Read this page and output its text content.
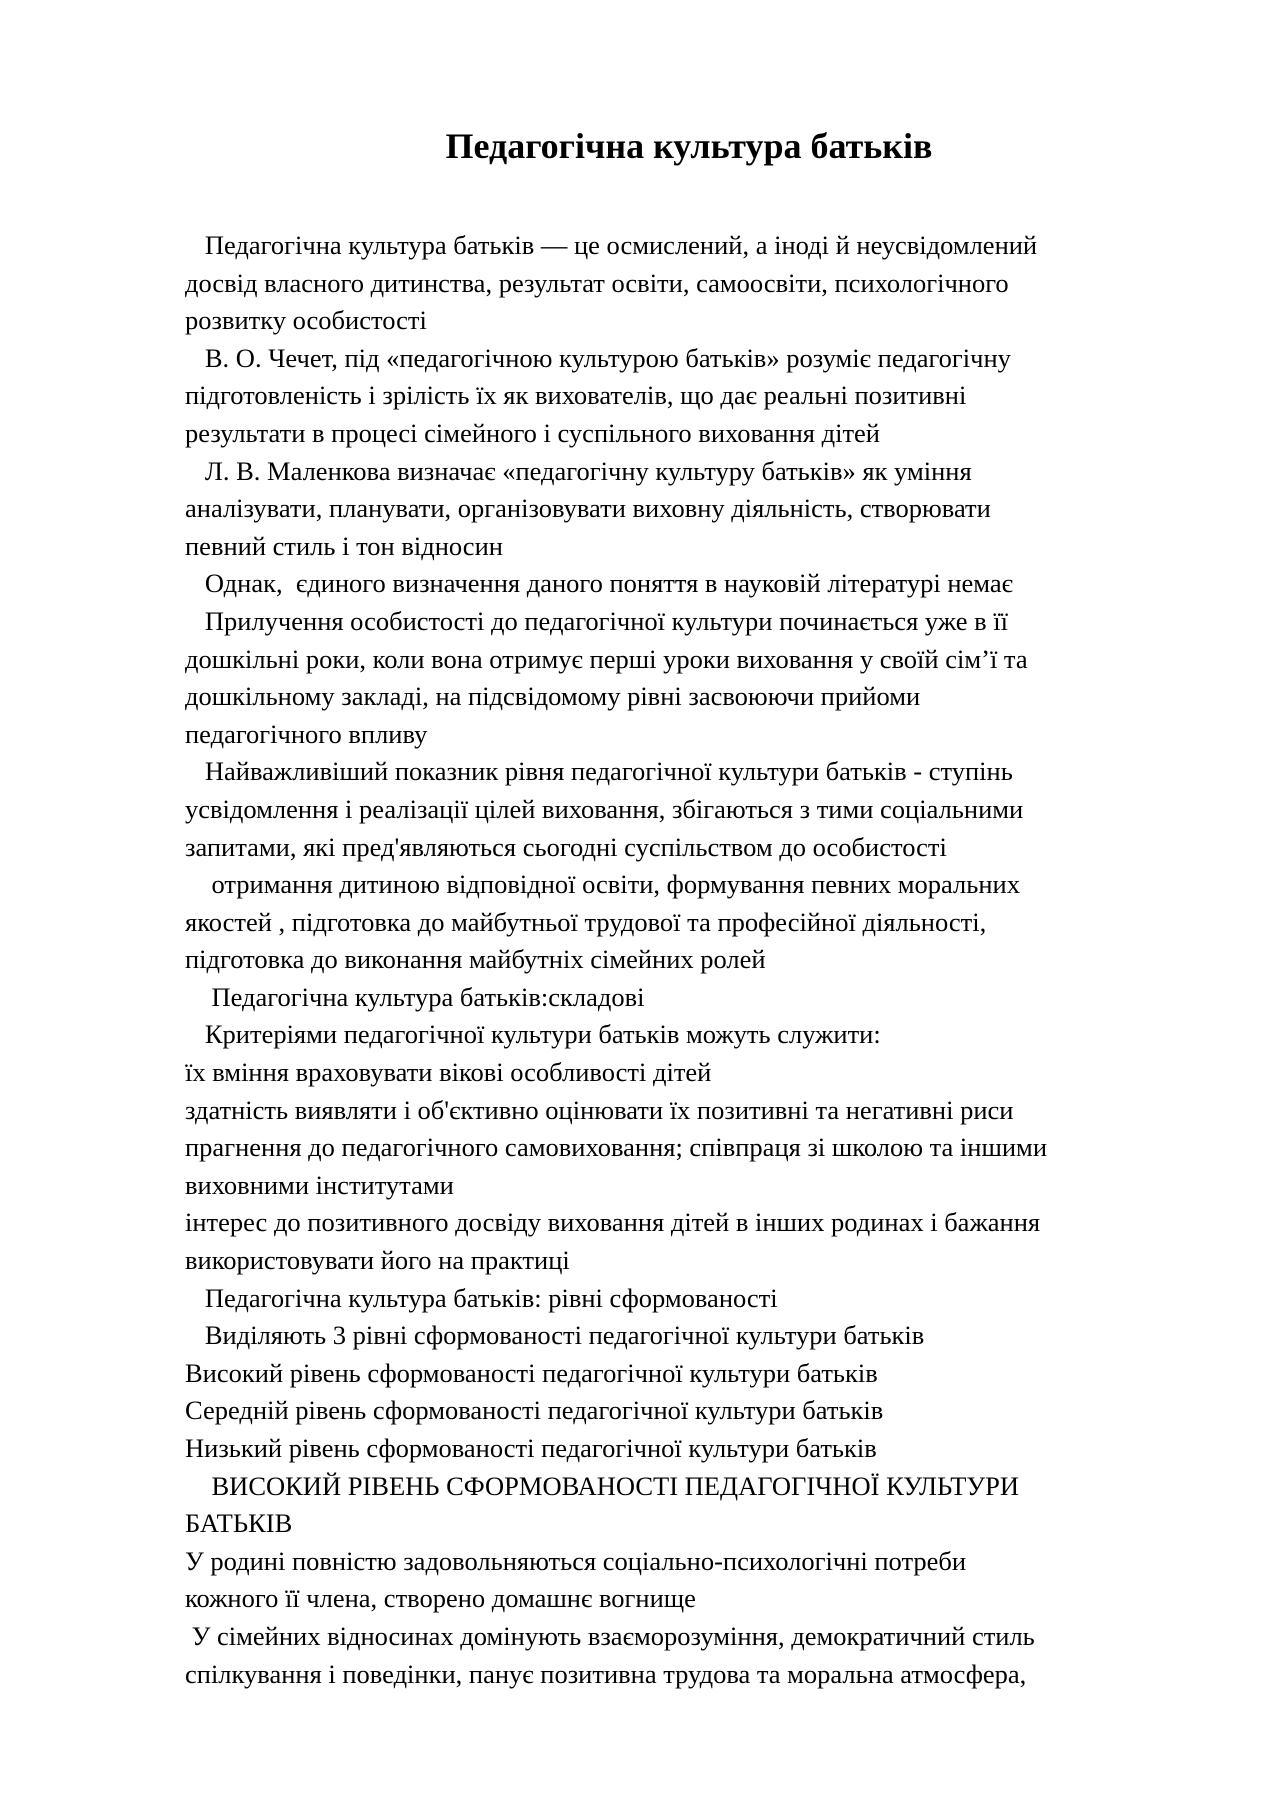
Педагогічна культура батьків
Педагогічна культура батьків — це осмислений, а іноді й неусвідомлений
досвід власного дитинства, результат освіти, самоосвіти, психологічного
розвитку особистості
В. О. Чечет, під «педагогічною культурою батьків» розуміє педагогічну
підготовленість і зрілість їх як вихователів, що дає реальні позитивні
результати в процесі сімейного і суспільного виховання дітей
Л. В. Маленкова визначає «педагогічну культуру батьків» як уміння
аналізувати, планувати, організовувати виховну діяльність, створювати
певний стиль і тон відносин
Однак,  єдиного визначення даного поняття в науковій літературі немає
Прилучення особистості до педагогічної культури починається уже в її
дошкільні роки, коли вона отримує перші уроки виховання у своїй сім’ї та
дошкільному закладі, на підсвідомому рівні засвоюючи прийоми
педагогічного впливу
Найважливіший показник рівня педагогічної культури батьків - ступінь
усвідомлення і реалізації цілей виховання, збігаються з тими соціальними
запитами, які пред'являються сьогодні суспільством до особистості
отримання дитиною відповідної освіти, формування певних моральних
якостей , підготовка до майбутньої трудової та професійної діяльності,
підготовка до виконання майбутніх сімейних ролей
Педагогічна культура батьків:складові
Критеріями педагогічної культури батьків можуть служити:
їх вміння враховувати вікові особливості дітей
здатність виявляти і об'єктивно оцінювати їх позитивні та негативні риси
прагнення до педагогічного самовиховання; співпраця зі школою та іншими
виховними інститутами
інтерес до позитивного досвіду виховання дітей в інших родинах і бажання
використовувати його на практиці
Педагогічна культура батьків: рівні сформованості
Виділяють 3 рівні сформованості педагогічної культури батьків
Високий рівень сформованості педагогічної культури батьків
Середній рівень сформованості педагогічної культури батьків
Низький рівень сформованості педагогічної культури батьків
ВИСОКИЙ РІВЕНЬ СФОРМОВАНОСТІ ПЕДАГОГІЧНОЇ КУЛЬТУРИ
БАТЬКІВ
У родині повністю задовольняються соціально-психологічні потреби
кожного її члена, створено домашнє вогнище
У сімейних відносинах домінують взаєморозуміння, демократичний стиль
спілкування і поведінки, панує позитивна трудова та моральна атмосфера,
